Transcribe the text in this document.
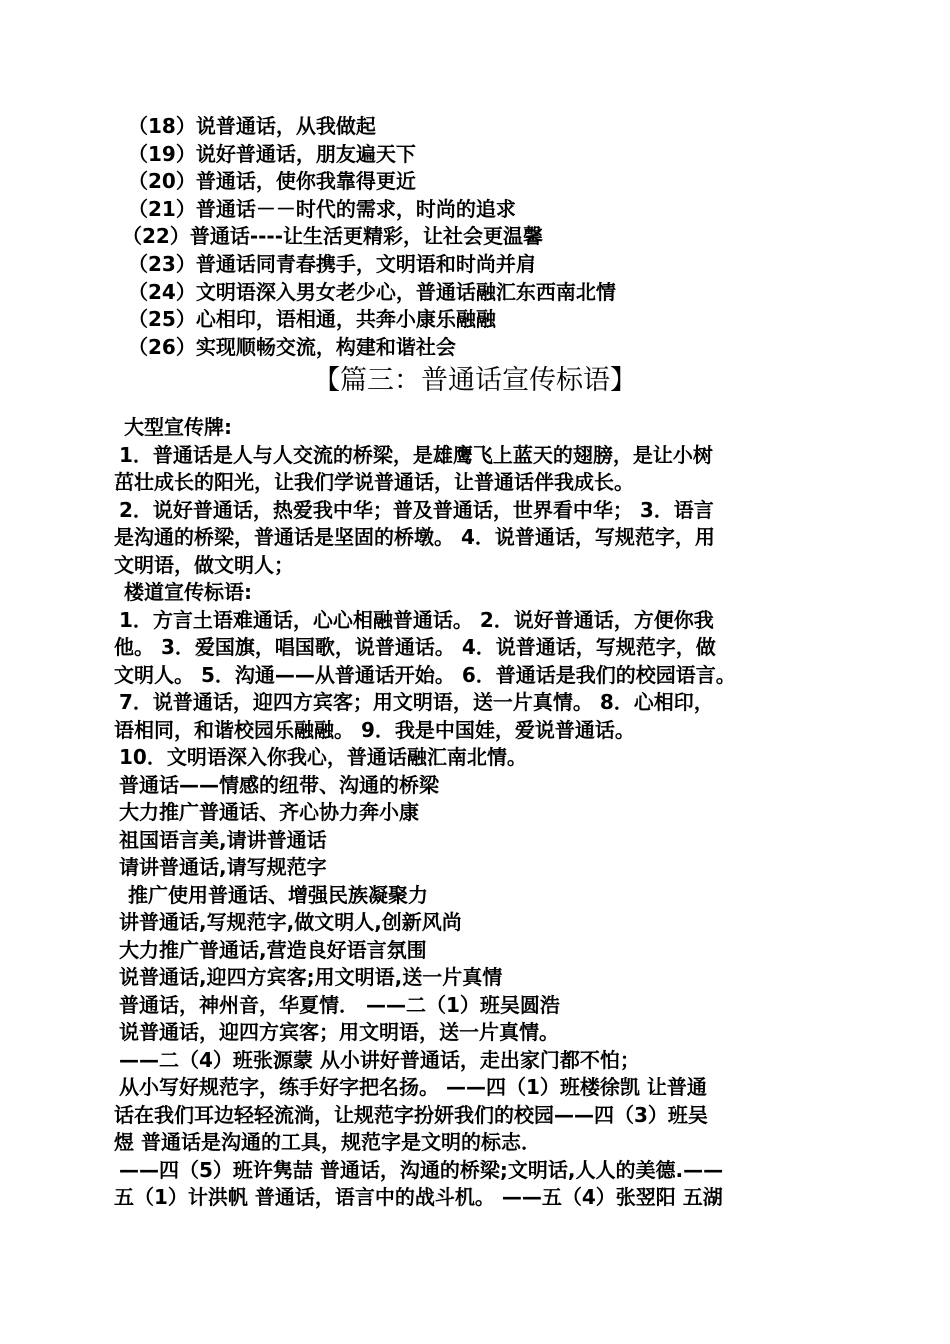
（18）说普通话，从我做起
（19）说好普通话，朋友遍天下
（20）普通话，使你我靠得更近
（21）普通话－－时代的需求，时尚的追求
（22）普通话----让生活更精彩，让社会更温馨
（23）普通话同青春携手，文明语和时尚并肩
（24）文明语深入男女老少心，普通话融汇东西南北情
（25）心相印，语相通，共奔小康乐融融
（26）实现顺畅交流，构建和谐社会
【篇三：普通话宣传标语】
大型宣传牌:
1．普通话是人与人交流的桥梁，是雄鹰飞上蓝天的翅膀，是让小树
茁壮成长的阳光，让我们学说普通话，让普通话伴我成长。
2．说好普通话，热爱我中华；普及普通话，世界看中华； 3．语言
是沟通的桥梁，普通话是坚固的桥墩。 4．说普通话，写规范字，用
文明语，做文明人；
楼道宣传标语:
1．方言土语难通话，心心相融普通话。 2．说好普通话，方便你我
他。 3．爱国旗，唱国歌，说普通话。 4．说普通话，写规范字，做
文明人。 5．沟通——从普通话开始。 6．普通话是我们的校园语言。
7．说普通话，迎四方宾客；用文明语，送一片真情。 8．心相印，
语相同，和谐校园乐融融。 9．我是中国娃，爱说普通话。
10．文明语深入你我心，普通话融汇南北情。
普通话——情感的纽带、沟通的桥梁
大力推广普通话、齐心协力奔小康
祖国语言美,请讲普通话
请讲普通话,请写规范字
推广使用普通话、增强民族凝聚力
讲普通话,写规范字,做文明人,创新风尚
大力推广普通话,营造良好语言氛围
说普通话,迎四方宾客;用文明语,送一片真情
普通话，神州音，华夏情． ——二（1）班吴圆浩
说普通话，迎四方宾客；用文明语，送一片真情。
——二（4）班张源蒙 从小讲好普通话，走出家门都不怕；
从小写好规范字，练手好字把名扬。 ——四（1）班楼徐凯 让普通
话在我们耳边轻轻流淌，让规范字扮妍我们的校园——四（3）班吴
煜 普通话是沟通的工具，规范字是文明的标志．
——四（5）班许隽喆 普通话，沟通的桥梁;文明话,人人的美德.——
五（1）计洪帆 普通话，语言中的战斗机。 ——五（4）张翌阳 五湖
